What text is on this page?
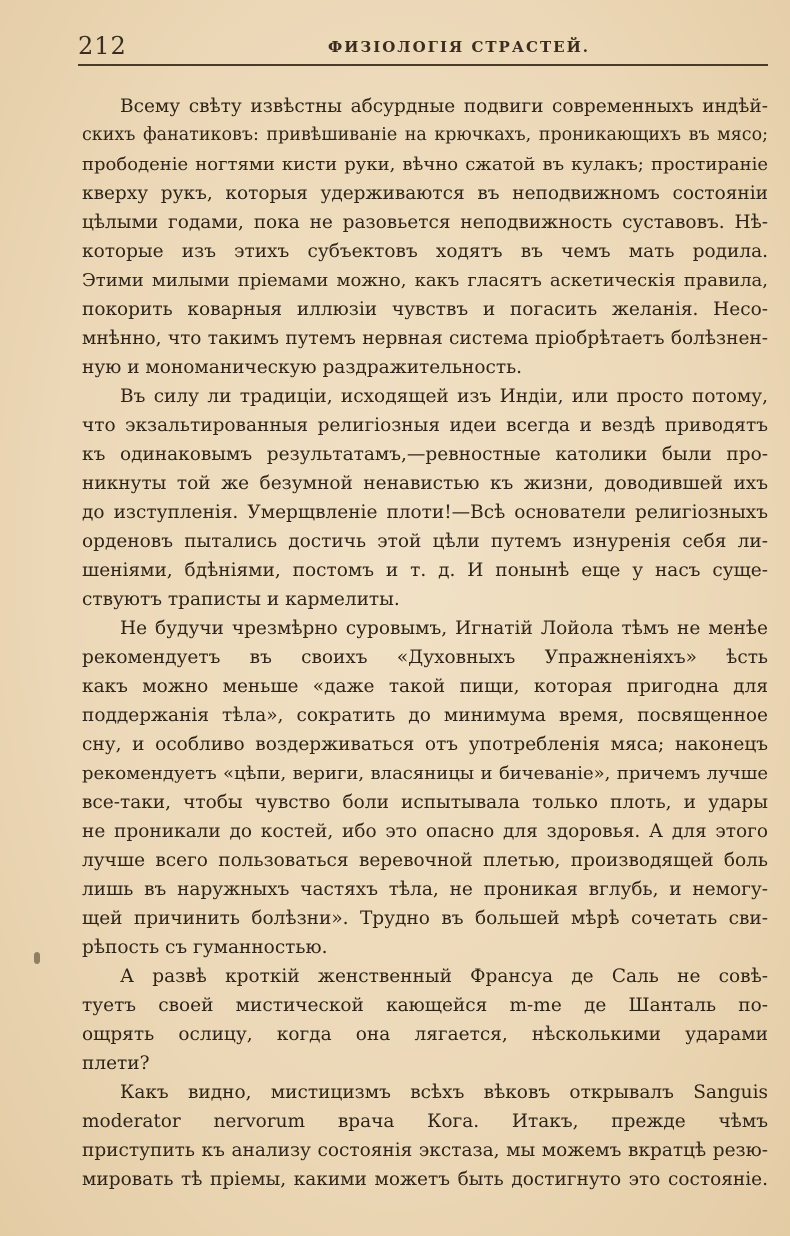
212	ФИЗIОЛОГIЯ СТРАСТЕЙ.
Всему свѣту извѣстны абсурдные подвиги современныхъ индѣй-
скихъ фанатиковъ: привѣшиванiе на крючкахъ, проникающихъ въ мясо;
прободенiе ногтями кисти руки, вѣчно сжатой въ кулакъ; простиранiе
кверху рукъ, которыя удерживаются въ неподвижномъ состоянiи
цѣлыми годами, пока не разовьется неподвижность суставовъ. Нѣ-
которые изъ этихъ субъектовъ ходятъ въ чемъ мать родила.
Этими милыми прiемами можно, какъ гласятъ аскетическiя правила,
покорить коварныя иллюзiи чувствъ и погасить желанiя. Несо-
мнѣнно, что такимъ путемъ нервная система прiобрѣтаетъ болѣзнен-
ную и мономаническую раздражительность.
Въ силу ли традицiи, исходящей изъ Индiи, или просто потому,
что экзальтированныя религiозныя идеи всегда и вездѣ приводятъ
къ одинаковымъ результатамъ,—ревностные католики были про-
никнуты той же безумной ненавистью къ жизни, доводившей ихъ
до изступленiя. Умерщвленiе плоти!—Всѣ основатели религiозныхъ
орденовъ пытались достичь этой цѣли путемъ изнуренiя себя ли-
шенiями, бдѣнiями, постомъ и т. д. И понынѣ еще у насъ суще-
ствуютъ траписты и кармелиты.
Не будучи чрезмѣрно суровымъ, Игнатiй Лойола тѣмъ не менѣе
рекомендуетъ въ своихъ «Духовныхъ Упражненiяхъ» ѣсть
какъ можно меньше «даже такой пищи, которая пригодна для
поддержанiя тѣла», сократить до минимума время, посвященное
сну, и особливо воздерживаться отъ употребленiя мяса; наконецъ
рекомендуетъ «цѣпи, вериги, власяницы и бичеванiе», причемъ лучше
все-таки, чтобы чувство боли испытывала только плоть, и удары
не проникали до костей, ибо это опасно для здоровья. А для этого
лучше всего пользоваться веревочной плетью, производящей боль
лишь въ наружныхъ частяхъ тѣла, не проникая вглубь, и немогу-
щей причинить болѣзни». Трудно въ большей мѣрѣ сочетать сви-
рѣпость съ гуманностью.
А развѣ кроткiй женственный Франсуа де Саль не совѣ-
туетъ своей мистической кающейся m-me де Шанталь по-
ощрять ослицу, когда она лягается, нѣсколькими ударами
плети?
Какъ видно, мистицизмъ всѣхъ вѣковъ открывалъ Sanguis
moderator nervorum врача Кога. Итакъ, прежде чѣмъ
приступить къ анализу состоянiя экстаза, мы можемъ вкратцѣ резю-
мировать тѣ прiемы, какими можетъ быть достигнуто это состоянiе.
